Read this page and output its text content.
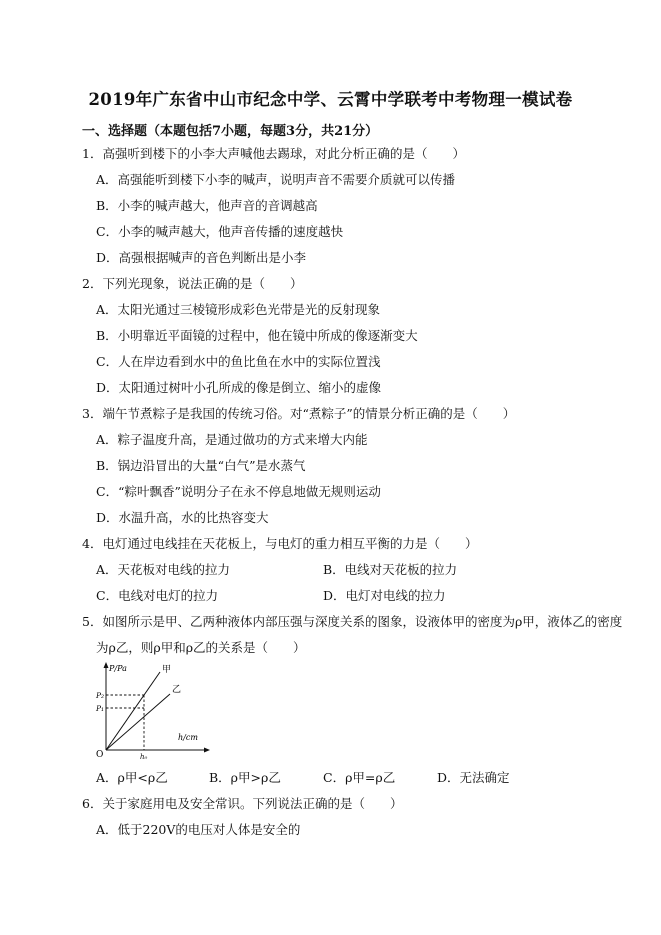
2019年广东省中山市纪念中学、云霄中学联考中考物理一模试卷
一、选择题（本题包括7小题，每题3分，共21分）
1．高强听到楼下的小李大声喊他去踢球，对此分析正确的是（　　）
A．高强能听到楼下小李的喊声，说明声音不需要介质就可以传播
B．小李的喊声越大，他声音的音调越高
C．小李的喊声越大，他声音传播的速度越快
D．高强根据喊声的音色判断出是小李
2．下列光现象，说法正确的是（　　）
A．太阳光通过三棱镜形成彩色光带是光的反射现象
B．小明靠近平面镜的过程中，他在镜中所成的像逐渐变大
C．人在岸边看到水中的鱼比鱼在水中的实际位置浅
D．太阳通过树叶小孔所成的像是倒立、缩小的虚像
3．端午节煮粽子是我国的传统习俗。对“煮粽子”的情景分析正确的是（　　）
A．粽子温度升高，是通过做功的方式来增大内能
B．锅边沿冒出的大量“白气”是水蒸气
C．“粽叶飘香”说明分子在永不停息地做无规则运动
D．水温升高，水的比热容变大
4．电灯通过电线挂在天花板上，与电灯的重力相互平衡的力是（　　）
A．天花板对电线的拉力	B．电线对天花板的拉力
C．电线对电灯的拉力	D．电灯对电线的拉力
5．如图所示是甲、乙两种液体内部压强与深度关系的图象，设液体甲的密度为ρ甲，液体乙的密度
为ρ乙，则ρ甲和ρ乙的关系是（　　）
P/Pa
h/cm
O
P₂
P₁
h₀
甲
乙
A．ρ甲<ρ乙	B．ρ甲>ρ乙	C．ρ甲=ρ乙	D．无法确定
6．关于家庭用电及安全常识。下列说法正确的是（　　）
A．低于220V的电压对人体是安全的
